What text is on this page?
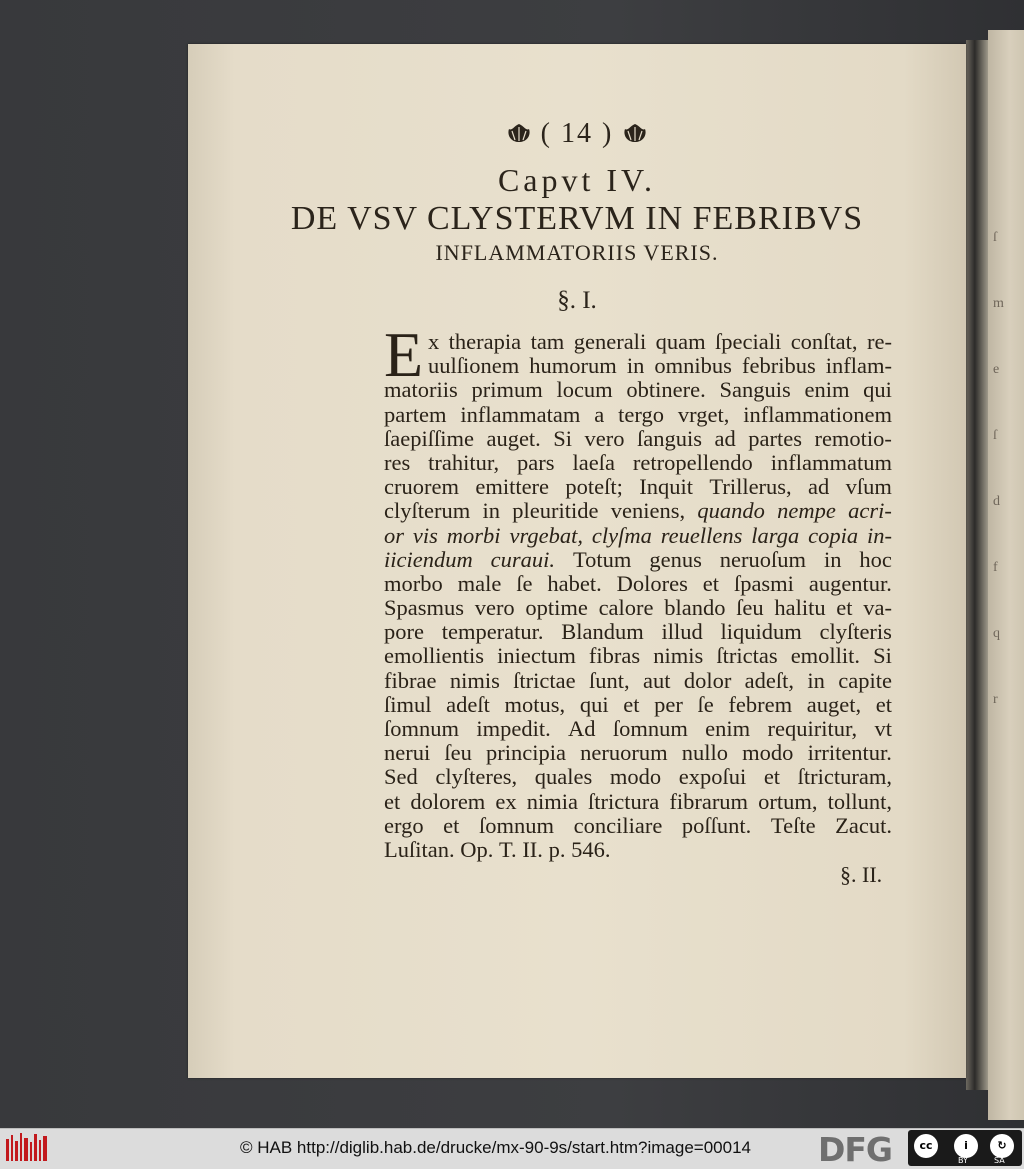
ſ
m
e
ſ
d
f
q
r
( 14 )
Capvt IV.
DE VSV CLYSTERVM IN FEBRIBVS
INFLAMMATORIIS VERIS.
§. I.
E x therapia tam generali quam ſpeciali conſtat, re-
uulſionem humorum in omnibus febribus inflam-
matoriis primum locum obtinere. Sanguis enim qui
partem inflammatam a tergo vrget, inflammationem
ſaepiſſime auget. Si vero ſanguis ad partes remotio-
res trahitur, pars laeſa retropellendo inflammatum
cruorem emittere poteſt; Inquit Trillerus, ad vſum
clyſterum in pleuritide veniens, quando nempe acri-
or vis morbi vrgebat, clyſma reuellens larga copia in-
iiciendum curaui. Totum genus neruoſum in hoc
morbo male ſe habet. Dolores et ſpasmi augentur.
Spasmus vero optime calore blando ſeu halitu et va-
pore temperatur. Blandum illud liquidum clyſteris
emollientis iniectum fibras nimis ſtrictas emollit. Si
fibrae nimis ſtrictae ſunt, aut dolor adeſt, in capite
ſimul adeſt motus, qui et per ſe febrem auget, et
ſomnum impedit. Ad ſomnum enim requiritur, vt
nerui ſeu principia neruorum nullo modo irritentur.
Sed clyſteres, quales modo expoſui et ſtricturam,
et dolorem ex nimia ſtrictura fibrarum ortum, tollunt,
ergo et ſomnum conciliare poſſunt. Teſte Zacut.
Luſitan. Op. T. II. p. 546.
§. II.
© HAB http://diglib.hab.de/drucke/mx-90-9s/start.htm?image=00014 DFG	cc	i	↻
BY	SA
